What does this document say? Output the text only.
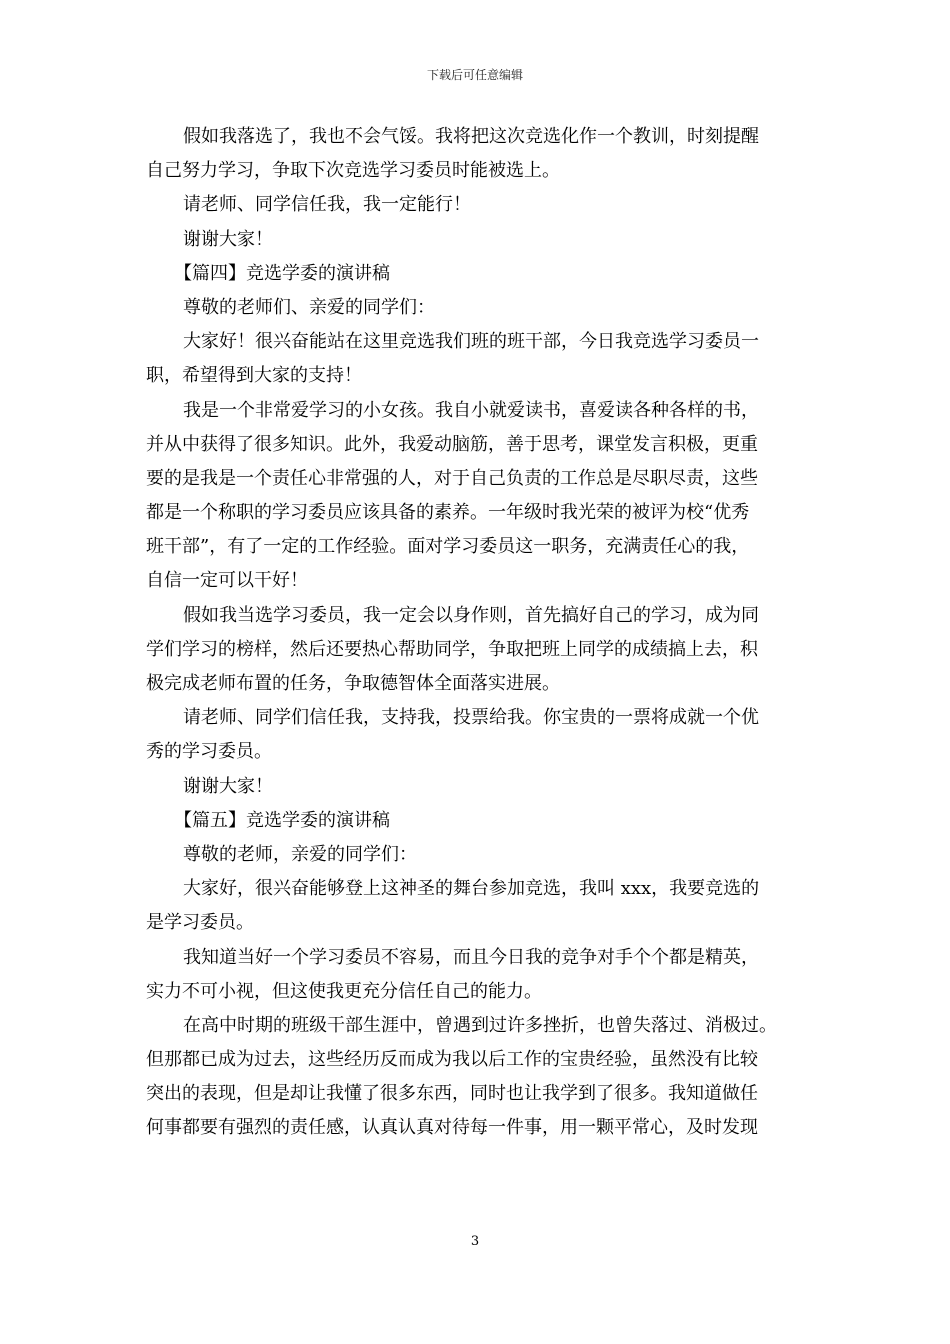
下载后可任意编辑
假如我落选了，我也不会气馁。我将把这次竞选化作一个教训，时刻提醒
自己努力学习，争取下次竞选学习委员时能被选上。
请老师、同学信任我，我一定能行！
谢谢大家！
【篇四】竞选学委的演讲稿
尊敬的老师们、亲爱的同学们：
大家好！很兴奋能站在这里竞选我们班的班干部，今日我竞选学习委员一
职，希望得到大家的支持！
我是一个非常爱学习的小女孩。我自小就爱读书，喜爱读各种各样的书，
并从中获得了很多知识。此外，我爱动脑筋，善于思考，课堂发言积极，更重
要的是我是一个责任心非常强的人，对于自己负责的工作总是尽职尽责，这些
都是一个称职的学习委员应该具备的素养。一年级时我光荣的被评为校“优秀
班干部”，有了一定的工作经验。面对学习委员这一职务，充满责任心的我，
自信一定可以干好！
假如我当选学习委员，我一定会以身作则，首先搞好自己的学习，成为同
学们学习的榜样，然后还要热心帮助同学，争取把班上同学的成绩搞上去，积
极完成老师布置的任务，争取德智体全面落实进展。
请老师、同学们信任我，支持我，投票给我。你宝贵的一票将成就一个优
秀的学习委员。
谢谢大家！
【篇五】竞选学委的演讲稿
尊敬的老师，亲爱的同学们：
大家好，很兴奋能够登上这神圣的舞台参加竞选，我叫 xxx，我要竞选的
是学习委员。
我知道当好一个学习委员不容易，而且今日我的竞争对手个个都是精英，
实力不可小视，但这使我更充分信任自己的能力。
在高中时期的班级干部生涯中，曾遇到过许多挫折，也曾失落过、消极过。
但那都已成为过去，这些经历反而成为我以后工作的宝贵经验，虽然没有比较
突出的表现，但是却让我懂了很多东西，同时也让我学到了很多。我知道做任
何事都要有强烈的责任感，认真认真对待每一件事，用一颗平常心，及时发现
3
